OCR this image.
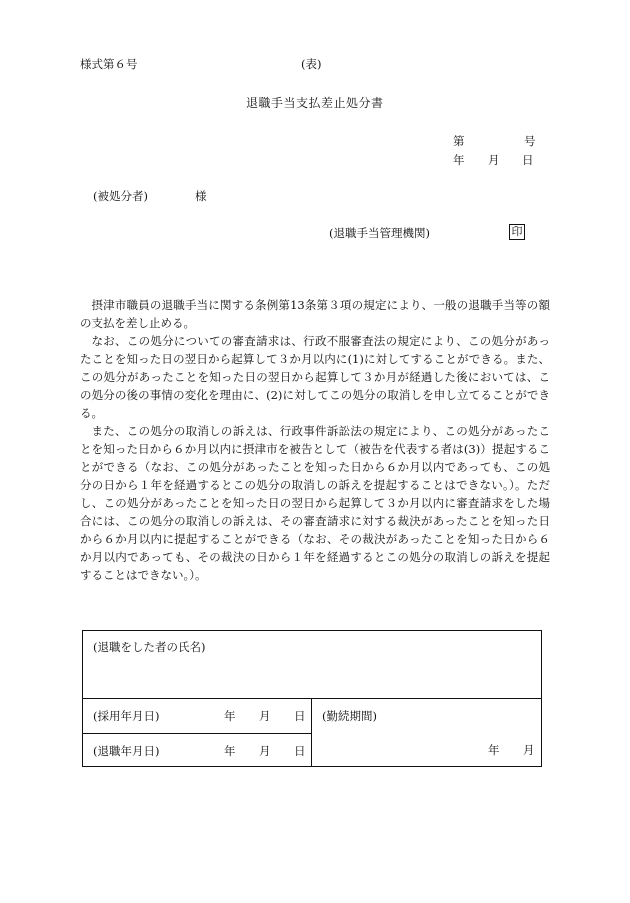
様式第６号	(表)
退職手当支払差止処分書
第	号
年 月 日
(被処分者)	様
(退職手当管理機関)	印

摂津市職員の退職手当に関する条例第13条第３項の規定により、一般の退職手当等の額の支払を差し止める。

なお、この処分についての審査請求は、行政不服審査法の規定により、この処分があったことを知った日の翌日から起算して３か月以内に(1)に対してすることができる。また、この処分があったことを知った日の翌日から起算して３か月が経過した後においては、この処分の後の事情の変化を理由に、(2)に対してこの処分の取消しを申し立てることができる。

また、この処分の取消しの訴えは、行政事件訴訟法の規定により、この処分があったことを知った日から６か月以内に摂津市を被告として（被告を代表する者は(3)）提起することができる（なお、この処分があったことを知った日から６か月以内であっても、この処分の日から１年を経過するとこの処分の取消しの訴えを提起することはできない。）。ただし、この処分があったことを知った日の翌日から起算して３か月以内に審査請求をした場合には、この処分の取消しの訴えは、その審査請求に対する裁決があったことを知った日から６か月以内に提起することができる（なお、その裁決があったことを知った日から６か月以内であっても、その裁決の日から１年を経過するとこの処分の取消しの訴えを提起することはできない。）。

(退職をした者の氏名)

(採用年月日)	年 月 日	(勤続期間)
年 月

(退職年月日)	年 月 日
